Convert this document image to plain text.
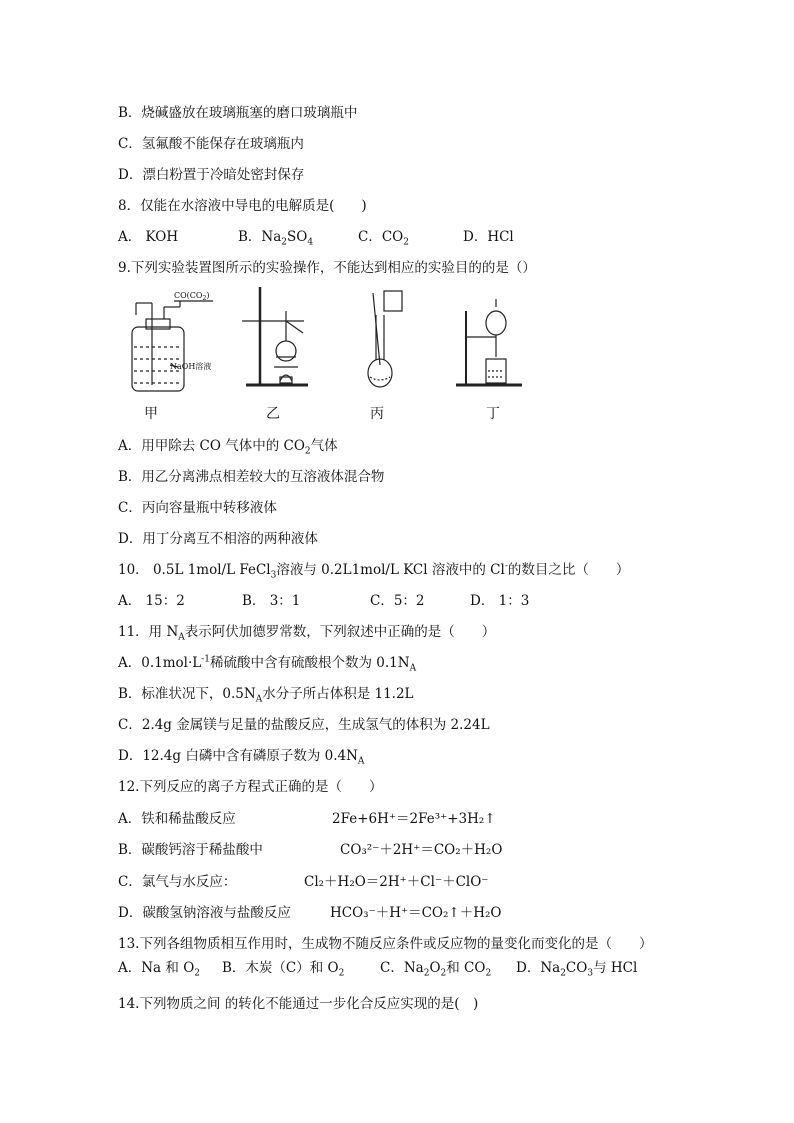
B．烧碱盛放在玻璃瓶塞的磨口玻璃瓶中
C．氢氟酸不能保存在玻璃瓶内
D．漂白粉置于冷暗处密封保存
8．仅能在水溶液中导电的电解质是(　　)
A． KOH	B．$Na_2SO_4$	C．$CO_2$	D．HCl
9.下列实验装置图所示的实验操作，不能达到相应的实验目的的是（）
$CO(CO_2)$
NaOH溶液
甲	乙	丙	丁
A．用甲除去 CO 气体中的 $CO_2$气体
B．用乙分离沸点相差较大的互溶液体混合物
C．丙向容量瓶中转移液体
D．用丁分离互不相溶的两种液体
10． 0.5L 1mol/L FeCl$_3$溶液与 0.2L1mol/L KCl 溶液中的 Cl-的数目之比（　　）
A． 15：2	B． 3：1	C．5：2	D． 1：3
11．用 $N_A$表示阿伏加德罗常数，下列叙述中正确的是（　　）
A．$0.1mol\cdot L^{-1}$稀硫酸中含有硫酸根个数为 $0.1N_A$
B．标准状况下，$0.5N_A$水分子所占体积是 11.2L
C．2.4g 金属镁与足量的盐酸反应，生成氢气的体积为 2.24L
D．12.4g 白磷中含有磷原子数为 $0.4N_A$
12.下列反应的离子方程式正确的是（　　）
A．铁和稀盐酸反应	2Fe+6H⁺＝2Fe³⁺+3H₂↑
B．碳酸钙溶于稀盐酸中	CO₃²⁻＋2H⁺＝CO₂＋H₂O
C．氯气与水反应：	Cl₂＋H₂O＝2H⁺＋Cl⁻＋ClO⁻
D．碳酸氢钠溶液与盐酸反应	HCO₃⁻＋H⁺＝CO₂↑＋H₂O
13.下列各组物质相互作用时，生成物不随反应条件或反应物的量变化而变化的是（　　）
A．Na 和 $O_2$ B．木炭（C）和 $O_2$	C．$Na_2O_2$和 $CO_2$ D．$Na_2CO_3$与 HCl
14.下列物质之间 的转化不能通过一步化合反应实现的是(　)
